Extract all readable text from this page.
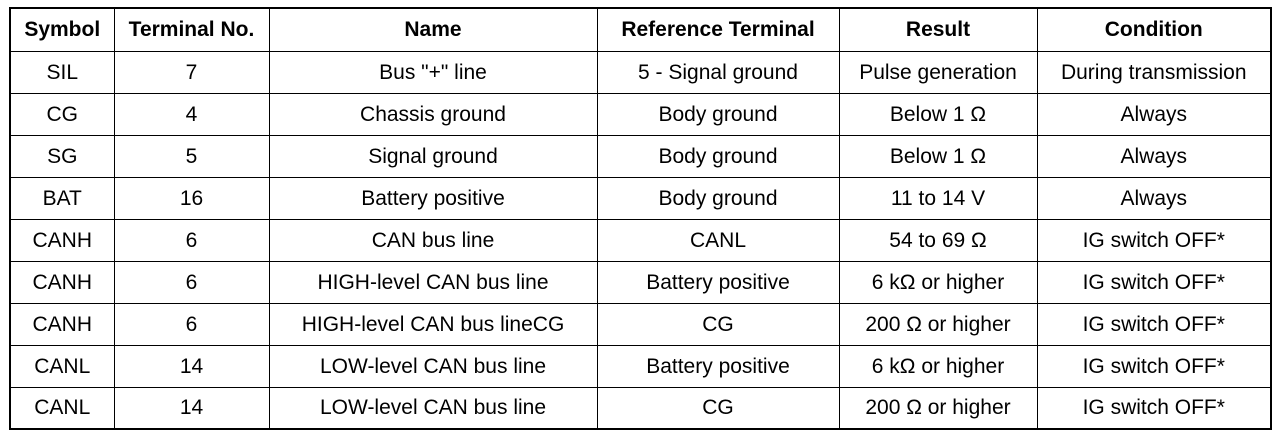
Symbol	Terminal No.	Name	Reference Terminal	Result	Condition
SIL	7	Bus "+" line	5 - Signal ground	Pulse generation	During transmission
CG	4	Chassis ground	Body ground	Below 1 Ω	Always
SG	5	Signal ground	Body ground	Below 1 Ω	Always
BAT	16	Battery positive	Body ground	11 to 14 V	Always
CANH	6	CAN bus line	CANL	54 to 69 Ω	IG switch OFF*
CANH	6	HIGH-level CAN bus line	Battery positive	6 kΩ or higher	IG switch OFF*
CANH	6	HIGH-level CAN bus lineCG	CG	200 Ω or higher	IG switch OFF*
CANL	14	LOW-level CAN bus line	Battery positive	6 kΩ or higher	IG switch OFF*
CANL	14	LOW-level CAN bus line	CG	200 Ω or higher	IG switch OFF*
